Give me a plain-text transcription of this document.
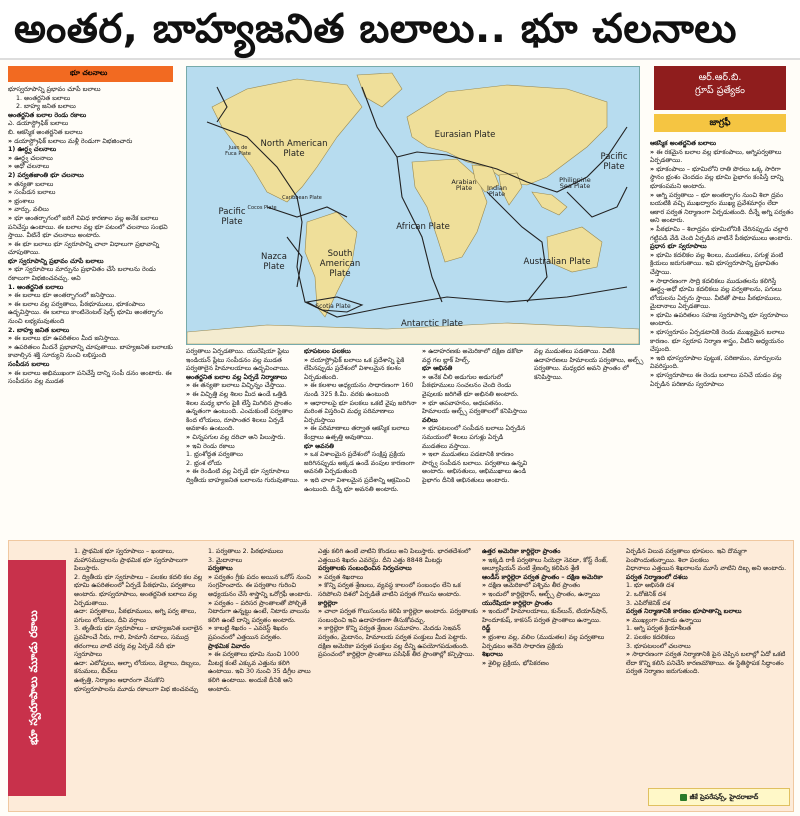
అంతర, బాహ్యజనిత బలాలు.. భూ చలనాలు
భూ చలనాలు

భూస్వరూపాన్ని ప్రభావం చూపే బలాలు

1. అంతర్జనిత బలాలు

2. బాహ్య జనిత బలాలు

అంతర్జనిత బలాల రెండు రకాలు

ఎ. డయాస్ట్రోఫిక్ బలాలు

బి. ఆకస్మిక అంతర్జనిత బలాలు

» డయాస్ట్రోఫిక్ బలాలు మళ్లీ రెండుగా విభజించారు

1) ఊర్ధ్వ చలనాలు

» ఊర్ధ్వ చలనాలు

» అధో చలనాలు

2) పర్వతజాంతి భూ చలనాలు

» తన్యతా బలాలు

» సంపీడన బలాలు

» భ్రంశాలు

» వార్పు, వలిలు

» భూ అంతర్భాగంలో జరిగే వివిధ కారణాల వల్ల అనేక బలాలు పనిచేస్తు ఉంటాయి. ఈ బలాల వల్ల భూ పటంలో చలనాలు సంభవి స్తాయి. వీటినే భూ చలనాలు అంటారు.

» ఈ భూ బలాలు భూ స్వరూపాన్ని చాలా విధాలుగా ప్రభావాన్ని చూపుతాయి.

భూ స్వరూపాన్ని ప్రభావం చూపే బలాలు

» భూ స్వరూపాలు మార్పును ప్రభావితం చేసే బలాలను రెండు రకాలుగా విభజించవచ్చు. అవి

1. అంతర్జనిత బలాలు

» ఈ బలాలు భూ అంతర్భాగంలో జనిస్తాయి.

» ఈ బలాల వల్ల పర్వతాలు, పీఠభూములు, భూకంపాలు ఉద్భవిస్తాయి. ఈ బలాలు కాంటినెంటల్ షెల్ఫ్ భూమి అంతర్భాగం నుంచి లభ్యమవుతుంది

2. బాహ్య జనిత బలాలు

» ఈ బలాలు భూ ఉపరితలం మీద జనిస్తాయి.

» ఉపరితలం మీదనే ప్రభావాన్ని చూపుతాయి. బాహ్యజనిత బలాలకు కావాల్సిన శక్తి సూర్యుని నుంచి లభిస్తుంది

సంపీడన బలాలు

» ఈ బలాలు అభిముఖంగా పనిచేస్తే దాన్ని సంపీ డనం అంటారు. ఈ సంపీడనం వల్ల ముడత

North American Plate
Eurasian Plate
Pacific Plate
Pacific Plate
Arabian Plate	Indian Plate
Philippine Sea Plate
African Plate
Nazca Plate
South American Plate
Australian Plate
Antarctic Plate
Scotia Plate
Cocos Plate
Caribbean Plate
Juan de Fuca Plate
ఆర్.ఆర్.బి.
గ్రూప్ ప్రత్యేకం
జాగ్రఫీ

ఆకస్మిక అంతర్జనిత బలాలు

» ఈ రకమైన బలాల వల్ల భూకంపాలు, అగ్నిపర్వతాలు ఏర్పడతాయి.

» భూకంపాలు – భూమిలోని రాతి పొరలు ఒక్క సారిగా స్థానం భ్రంశం చెందడం వల్ల భూమి పైభాగం కంపిస్తే దాన్ని భూకంపమని అంటారు.

» అగ్ని పర్వతాలు – భూ అంతర్భాగం నుంచి శిలా ద్రవం బయటికి వచ్చి ముఖద్వారం ముఖ్య ప్రవేశమార్గం లేదా ఆకార పర్వత నిర్మాణంగా ఏర్పడుతుంది. దీన్నే అగ్ని పర్వతం అని అంటారు.

» పీఠభూమి – శిలాద్రవం భూమిలోనికి చేరినప్పుడు చల్లారి గట్టిపడి వేడి చెంది ఏర్పడిన వాటినే పీఠభూములు అంటారు.

ప్రధాన భూ స్వరూపాలు

» భూమి కదలికల వల్ల శిలలు, ముడతలు, పగుళ్ల వంటి క్రియలు జరుగుతాయి. ఇవి భూస్వరూపాన్ని ప్రభావితం చేస్తాయి.

» సాధారణంగా సాద్రి కదలికలు ముడుతలను కలిగిస్తే ఊర్ధ్వ-అధో భూమి కదలికలు వల్ల పర్వతాలను, పగులు లోయలను ఏర్పరు స్తాయి. వీటితో పాటు పీఠభూములు, మైదానాలు ఏర్పడతాయి.

» భూమి ఉపరితలం సహజ స్వరూపాన్ని భూ స్వరూపాలు అంటారు.

» భూస్వరూపం ఏర్పడటానికి రెండు ముఖ్యమైన బలాలు కారణం. భూ స్వరూప నిర్మాణ శాస్త్రం, వీటిని అధ్యయనం చేస్తుంది.

» ఇది భూస్వరూపాల పుట్టుక, పరిణామం, మార్పులను వివరిస్తుంది.

» భూస్వరూపాలు ఈ రెండు బలాలు పనిచే యడం వల్ల ఏర్పడిన పరిణామ స్వరూపాలు

పర్వతాలు ఏర్పడతాయి. యురేషియా ప్లేటు ఇండియన్ ప్లేటు సంపీడనం వల్ల ముడత పర్వతాలైన హిమాలయాలు ఉద్భవించాయి.

అంతర్జనిత బలాల వల్ల ఏర్పడే నిర్మాణాలు

» ఈ తన్యతా బలాలు విచ్ఛిన్నం చేస్తాయి.

» ఈ విచ్ఛిత్తి వల్ల శిలల మీద ఉండే ఒత్తిడి శిలల మధ్య భాగం పైకి లేస్తే మిగిలిన ప్రాంతం ఉన్నతంగా ఉంటుంది. ఎంచుకుంటే పర్వతాల కింద లోయలు, రూపాంతర శిలలు ఏర్పడే అవకాశం ఉంటుంది.

» చిన్నపగుల వల్ల దరిచా అని పిలుస్తారు.

» ఇవి రెండు రకాలు

1. భ్రంశోద్దత పర్వతాలు

2. భ్రంశ లోయ

» ఈ రెండింటి వల్ల ఏర్పడే భూ స్వరూపాలు ద్వితీయ బాహ్యజనిత బలాలను గురువుతాయి.

భూపటలం పలకలు

» దయాస్ట్రోఫిక్ బలాలు ఒక ప్రదేశాన్ని పైకి లేపినప్పుడు ప్రదేశంలో విశాలమైన కలశం ఏర్పడుతుంది.

» ఈ కలశాల అధ్యయనం సాధారణంగా 160 నుండి 325 కి.మీ. వరకు ఉంటుంది

» ఆధారాలపై భూ పలకలు ఒకటి వైపు జరిగినా మరింత విస్తరించి మధ్య పరిమాణాలు ఏర్పరుస్తాయి

» ఈ పరిమాణాలు తర్వాత ఆకస్మిక బలాలు కేంద్రాలు ఉత్పత్తి అవుతాయి.

భూ అవనతి

» ఒక విశాలమైన ప్రదేశంలో సంక్షిప్త ప్రక్రియ జరిగినప్పుడు అక్కడ ఉండే వంపుల కారణంగా అవనతి ఏర్పడుతుంది

» ఇది చాలా విశాలమైన ప్రదేశాన్ని ఆక్రమించి ఉంటుంది. దీన్నే భూ అవనతి అంటారు.

» ఉదాహరణకు అమెరికాలో దక్షిణ డకోటా వద్ద గల బ్లాక్ హిల్స్.

భూ అభినతి

» అనేక చీలి అడుగుల అడుగులో పీఠభూములు సంచలనం చెంది రెండు వైపులకు జరిగితే భూ అభినతి అంటారు.

» భూ అపవాహనం, అధఃపతనం. హిమాలయ ఆల్ప్స్ పర్వతాలలో కనిపిస్తాయి

వలిలు

» భూపటలంలో సంపీడన బలాలు ఏర్పడిన సమయంలో శిలలు పగుళ్లు ఏర్పడి ముడతలు వస్తాయి.

» ఇలా ముడుతలు పడటానికి కారణం పార్శ్వ సంపీడన బలాలు. పర్వతాలు ఉన్నవి అంటారు. అభినతులు, అభిముఖాలు ఉండి పైభాగం దీనికి అభినతులు అంటారు.

వల్ల ముడుతలు పడతాయి. వీటికి ఉదాహరణలు హిమాలయ పర్వతాలు, అల్ప్స్ పర్వతాలు. మధ్యధర అవని ప్రాంతం లో కనిపిస్తాయి.

భూ స్వరూపాలు మూడు రకాలు

1. ప్రాథమిక భూ స్వరూపాలు – ఖండాలు, మహాసముద్రాలను ప్రాథమిక భూ స్వరూపాలుగా పిలుస్తారు.

2. ద్వితీయ భూ స్వరూపాలు – పలకల కదలి కల వల్ల భూమి ఉపరితలంలో ఏర్పడే పీఠభూమి, పర్వతాలు అంటారు. భూస్వరూపాలు, అంతర్జనిత బలాలు వల్ల ఏర్పడుతాయి.

ఉదా: పర్వతాలు, పీఠభూములు, అగ్ని పర్వ తాలు, పగులు లోయలు, దీవి వర్షాలు

3. తృతీయ భూ స్వరూపాలు – బాహ్యజనిత బలాలైన ప్రవహించే నీరు, గాలి, హిమానీ నదాలు, సముద్ర తరంగాలు వాటి చర్య వల్ల ఏర్పడే నదీ భూ స్వరూపాలు

ఉదా: ఎటోపులు, ఆల్ఫా లోయలు, డెల్టాలు, దిబ్బలు, కనుమలు, బీచ్‌లు

ఉత్పత్తి, నిర్మాణం ఆధారంగా చేసుకొని భూస్వరూపాలను మూడు రకాలుగా విభ జించవచ్చు

1. పర్వతాలు 2. పీఠభూములు

3. మైదానాలు

పర్వతాలు

» పర్వతం గ్రీకు పదం అయిన ఒరోస్ నుంచి సంగ్రహించారు. ఈ పర్వతాల గురించి అధ్యయనం చేసే శాస్త్రాన్ని ఒరోగ్రఫీ అంటారు.

» పర్వతం – పరిసర ప్రాంతాలతో పోల్చితే నిటారుగా ఉన్నట్టు ఉంటే, నిటారు వాలును కలిగి ఉంటే దాన్ని పర్వతం అంటారు.

» కాబట్టి శిఖరం – ఎవరెస్ట్ శిఖరం ప్రపంచంలో ఎత్తయిన పర్వతం.

ప్రాథమిక వివాదం

» ఈ పర్వతాలు భూమి నుంచి 1000 మీటర్ల కంటే ఎక్కువ ఎత్తును కలిగి ఉంటాయి. ఇవి 30 నుంచి 35 డిగ్రీల వాలు కలిగి ఉంటాయి. అందుకే దీనికి అని అంటారు.

ఎత్తు కలిగి ఉంటే వాటిని కొండలు అని పిలుస్తారు. భారతదేశంలో ఎత్తయిన శిఖరం ఎవరెస్టు. దీని ఎత్తు 8848 మీటర్లు

పర్వతాలకు సంబంధించిన నిర్వచనాలు

» పర్వత శిఖరాలు

» కొన్ని పర్వత శ్రేణులు, వ్యవస్థ కాలంలో సంబంధం లేని ఒక సరిపోలని దిశలో ఏర్పడితే వాటిని పర్వత గొలుసు అంటారు.

కార్డిల్లెరా

» చాలా పర్వత గొలుసులను కలిపి కార్డిల్లెరా అంటారు. పర్వతాలకు సంబంధించి ఇవి ఉదాహరణగా తీసుకోవచ్చు.

» కార్డిల్లెరా కొన్ని పర్వత శ్రేణుల సమూహం. మెదడు సెఇవన్ పర్వతం, మైదానం, హిమాలయ పర్వత పంక్తులు మీద పెట్టారు. దక్షిణ అమెరికా పర్వత పంక్తుల వల్ల దీన్ని ఉపయోగపడుతుంది. ప్రపంచంలో కార్డిల్లెరా ప్రాంతాలు పసిఫిక్ తీర ప్రాంతాల్లో కన్పిస్తాయి.

ఉత్తర అమెరికా కార్డిల్లెరా ప్రాంతం

» ఇక్కడి రాకీ పర్వతాలు సియెర్రా నెవడా, కోస్ట్ రేంజ్, అల్యూషియన్ వంటి శ్రేణుల్ని కలిపిన శ్రేణి

ఆండీస్ కార్డిల్లెరా పర్వత ప్రాంతం – దక్షిణ అమెరికా

» దక్షిణ అమెరికాలో పశ్చిమ తీర ప్రాంతం

» ఇందులో కార్డిల్లెరాస్, ఆల్ఫ్స్ ప్రాంతం, ఉన్నాయి

యురేషియా కార్డిల్లెరా ప్రాంతం

» ఇందులో హిమాలయాలు, కున్‌లున్, టియాన్‌షాన్, హిందూకుష్, కాకసస్ పర్వత ప్రాంతాలు ఉన్నాయి.

రిడ్జ్

» భ్రంశాల వల్ల, వలిల (ముడుతల) వల్ల పర్వతాలు ఏర్పడటం అనేది సాధారణ ప్రక్రియ

శిఖరాలు

» శైలిల్ల ప్రక్రియ, భోపికరణం

ఏర్పడిన విలువ పర్వతాలు భూపలం. ఇవి దొమ్మగా పెంపొందుతున్నాయి. శిలా పలకలు

విధానాలు ఎత్తయిన శిఖరాలను మూసే వాటిని దిబ్బ అని అంటారు.

పర్వత నిర్మాణంలో దశలు

1. భూ అభినతి దశ

2. ఒరోజెనిక్ దశ

3. ఎపిరోజెనిక్ దశ

పర్వత నిర్మాణానికి కారణం భూపాతాన్ని బలాలు

» ముఖ్యంగా మూడు ఉన్నాయి

1. అగ్ని పర్వత క్రియాశీలత

2. పలకల కదలికలు

3. భూపటలంలో చలనాలు

» సాధారణంగా పర్వత నిర్మాణానికి పైన చెప్పిన బలాల్లో ఏదో ఒకటి లేదా కొన్ని కలిసి పనిచేసి కారణమౌతాయి. ఈ స్థితిస్థాపక సిద్ధాంతం పర్వత నిర్మాణం జరుగుతుంది.

జీకే ప్రెపరేషన్స్, హైదరాబాద్
